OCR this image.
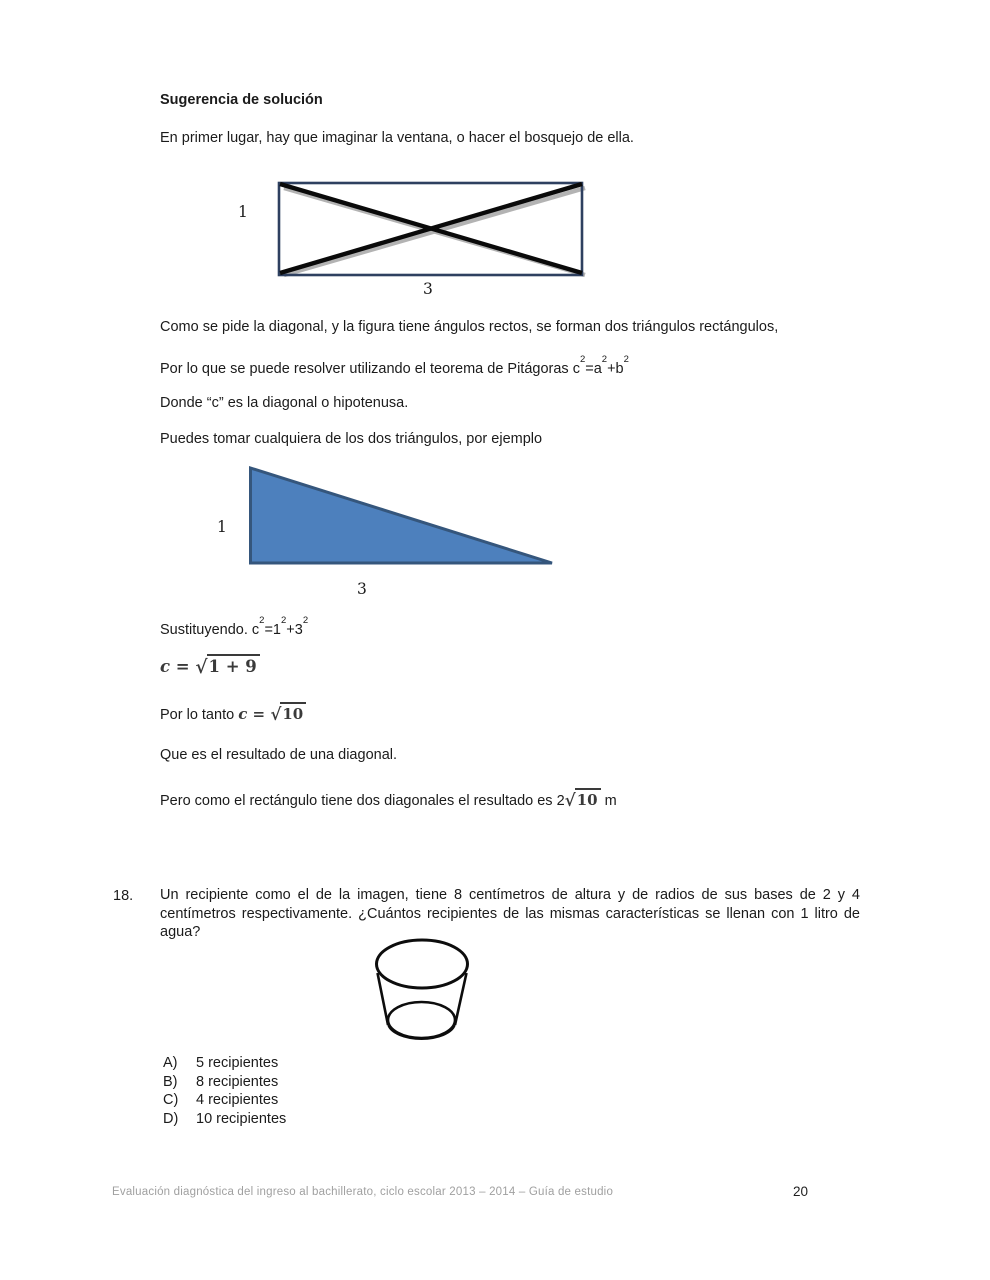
Sugerencia de solución
En primer lugar, hay que imaginar la ventana, o hacer el bosquejo de ella.
1
3
Como se pide la diagonal, y la figura tiene ángulos rectos, se forman dos triángulos rectángulos,
Por lo que se puede resolver utilizando el teorema de Pitágoras $c^2=a^2+b^2$
Donde “c” es la diagonal o hipotenusa.
Puedes tomar cualquiera de los dos triángulos, por ejemplo
1
3
Sustituyendo. $c^2=1^2+3^2$
c = √1 + 9
Por lo tanto c = √10
Que es el resultado de una diagonal.
Pero como el rectángulo tiene dos diagonales el resultado es 2√10 m
18. Un recipiente como el de la imagen, tiene 8 centímetros de altura y de radios de sus bases de 2 y 4 centímetros respectivamente. ¿Cuántos recipientes de las mismas características se llenan con 1 litro de agua?
A) 5 recipientes
B) 8 recipientes
C) 4 recipientes
D) 10 recipientes
Evaluación diagnóstica del ingreso al bachillerato, ciclo escolar 2013 – 2014 – Guía de estudio	20
